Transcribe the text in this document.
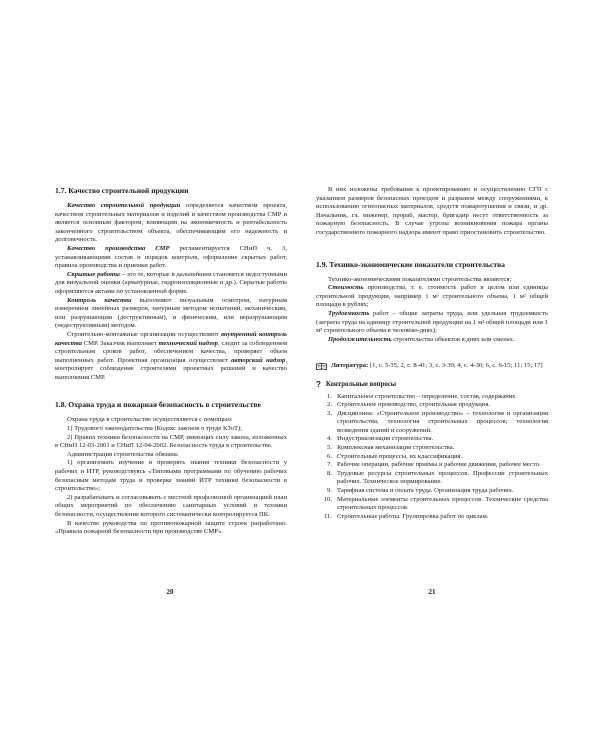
1.7. Качество строительной продукции

Качество строительной продукции определяется качеством проекта, качеством строительных материалов и изделий и качеством производства СМР и является основным фактором, влияющим на экономичность и рентабельность законченного строительством объекта, обеспечивающим его надежность и долговечность.

Качество производства СМР регламентируется СНиП ч. 3, устанавливающими состав и порядок контроля, оформление скрытых работ, правила производства и приемки работ.

Скрытые работы – это те, которые в дальнейшем становятся недоступными для визуальной оценки (арматурные, гидроизоляционные и др.). Скрытые работы оформляются актами по установленной форме.

Контроль качества выполняют визуальным осмотром, натурным измерением линейных размеров, натурным методом испытаний, механическим, или разрушающим (деструктивным), и физическим, или неразрушающим (недеструктивным) методом.

Строительно-монтажные организации осуществляют внутренний контроль качества СМР. Заказчик выполняет технический надзор, следит за соблюдением строительным сроков работ, обеспечением качества, проверяет объем выполненных работ. Проектная организация осуществляет авторский надзор, контролирует соблюдение строителями проектных решений и качество выполнения СМР.

1.8. Охрана труда и пожарная безопасность в строительстве

Охрана труда в строительстве осуществляется с помощью:

1) Трудового законодательства (Кодекс законов о труде КЗоТ);

2) Правил техники безопасности на СМР, имеющих силу закона, изложенных в СНиП 12-03-2001 и СНиП 12-04-2002. Безопасность труда в строительстве.

Администрация строительства обязана:

1) организовать изучение и проверять знания техники безопасности у рабочих и ИТР, руководствуясь «Типовыми программами по обучению рабочих безопасным методам труда и проверке знаний ИТР техники безопасности в строительстве»;

2) разрабатывать и согласовывать с местной профсоюзной организацией план общих мероприятий по обеспечению санитарных условий и техники безопасности, осуществление которого систематически контролируется ПК.

В качестве руководства по противопожарной защите строек разработано: «Правила пожарной безопасности при производстве СМР».

20

В них изложены требования к проектированию и осуществлению СГП с указанием размеров безопасных проездов и разрывов между сооружениями, к использованию огнеопасных материалов, средств пожаротушения и связи, и др. Начальник, гл. инженер, прораб, мастер, бригадир несут ответственность за пожарную безопасность. В случае угрозы возникновения пожара органы государственного пожарного надзора имеют право приостановить строительство.

1.9. Технико-экономические показатели строительства

Технико-экономическими показателями строительства являются:

Стоимость производства, т. е. стоимость работ в целом или единицы строительной продукции, например 1 м³ строительного объема, 1 м² общей площади в рублях;

Трудоемкость работ – общие затраты труда, или удельная трудоемкость (затраты труда на единицу строительной продукции на 1 м² общей площади или 1 м³ строительного объема в человеко-днях);

Продолжительность строительства объектов в днях или сменах.

Литература: [1, с. 5-35; 2, с. 8-41; 3, с. 3-39; 4, с. 4-30; 6, с. 6-15; 11; 15; 17]

? Контрольные вопросы
1. Капитальное строительство – определение, состав, содержание.
2. Строительное производство, строительная продукция.
3. Дисциплина: «Строительное производство» – технология и организация строительства; технология строительных процессов; технология возведения зданий и сооружений.
4. Индустриализация строительства.
5. Комплексная механизация строительства.
6. Строительные процессы, их классификация.
7. Рабочие операции, рабочие приёмы и рабочие движения, рабочее место.
8. Трудовые ресурсы строительных процессов. Профессии строительных рабочих. Техническое нормирование.
9. Тарифная система и оплата труда. Организация труда рабочих.
10. Материальные элементы строительных процессов. Технические средства строительных процессов.
11. Строительные работы. Группировка работ по циклам.
21
